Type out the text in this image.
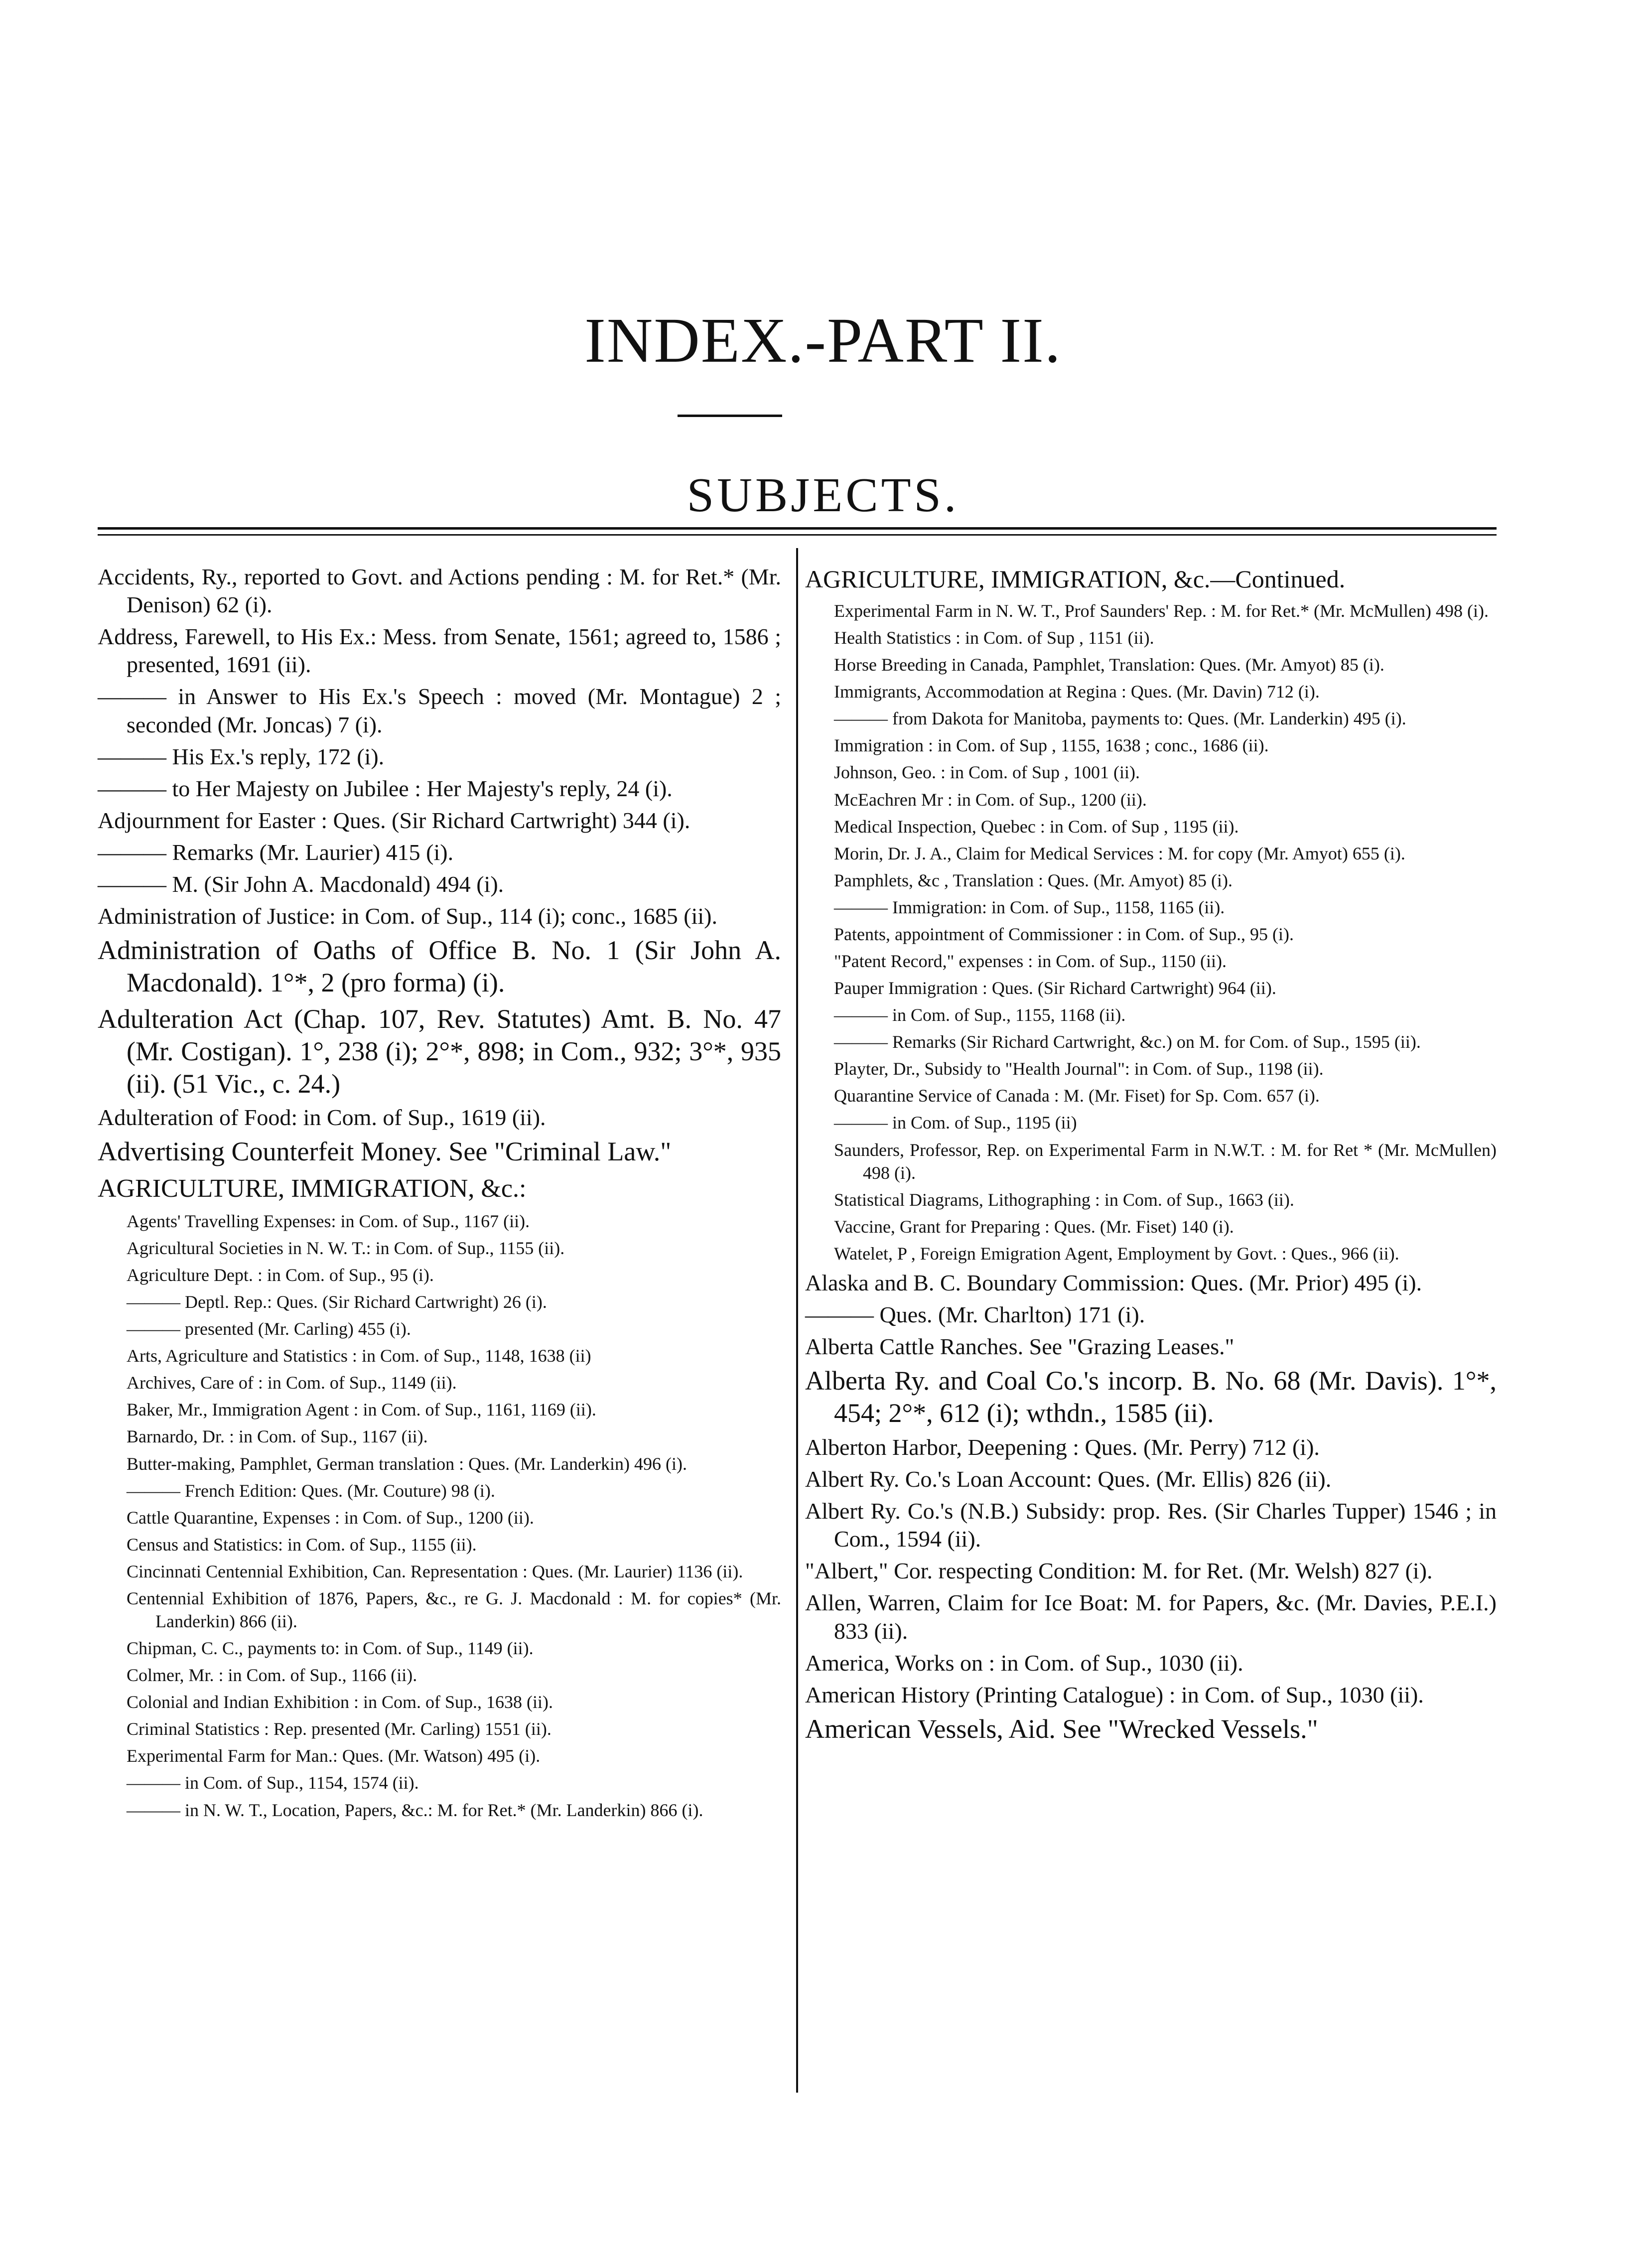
INDEX.-PART II.
SUBJECTS.
Accidents, Ry., reported to Govt. and Actions pending : M. for Ret.* (Mr. Denison) 62 (i).
Address, Farewell, to His Ex.: Mess. from Senate, 1561; agreed to, 1586 ; presented, 1691 (ii).
——— in Answer to His Ex.'s Speech : moved (Mr. Montague) 2 ; seconded (Mr. Joncas) 7 (i).
——— His Ex.'s reply, 172 (i).
——— to Her Majesty on Jubilee : Her Majesty's reply, 24 (i).
Adjournment for Easter : Ques. (Sir Richard Cartwright) 344 (i).
——— Remarks (Mr. Laurier) 415 (i).
——— M. (Sir John A. Macdonald) 494 (i).
Administration of Justice: in Com. of Sup., 114 (i); conc., 1685 (ii).
Administration of Oaths of Office B. No. 1 (Sir John A. Macdonald). 1°*, 2 (pro forma) (i).
Adulteration Act (Chap. 107, Rev. Statutes) Amt. B. No. 47 (Mr. Costigan). 1°, 238 (i); 2°*, 898; in Com., 932; 3°*, 935 (ii). (51 Vic., c. 24.)
Adulteration of Food: in Com. of Sup., 1619 (ii).
Advertising Counterfeit Money. See "Criminal Law."
AGRICULTURE, IMMIGRATION, &c.:
Agents' Travelling Expenses: in Com. of Sup., 1167 (ii).
Agricultural Societies in N. W. T.: in Com. of Sup., 1155 (ii).
Agriculture Dept. : in Com. of Sup., 95 (i).
——— Deptl. Rep.: Ques. (Sir Richard Cartwright) 26 (i).
——— presented (Mr. Carling) 455 (i).
Arts, Agriculture and Statistics : in Com. of Sup., 1148, 1638 (ii)
Archives, Care of : in Com. of Sup., 1149 (ii).
Baker, Mr., Immigration Agent : in Com. of Sup., 1161, 1169 (ii).
Barnardo, Dr. : in Com. of Sup., 1167 (ii).
Butter-making, Pamphlet, German translation : Ques. (Mr. Landerkin) 496 (i).
——— French Edition: Ques. (Mr. Couture) 98 (i).
Cattle Quarantine, Expenses : in Com. of Sup., 1200 (ii).
Census and Statistics: in Com. of Sup., 1155 (ii).
Cincinnati Centennial Exhibition, Can. Representation : Ques. (Mr. Laurier) 1136 (ii).
Centennial Exhibition of 1876, Papers, &c., re G. J. Macdonald : M. for copies* (Mr. Landerkin) 866 (ii).
Chipman, C. C., payments to: in Com. of Sup., 1149 (ii).
Colmer, Mr. : in Com. of Sup., 1166 (ii).
Colonial and Indian Exhibition : in Com. of Sup., 1638 (ii).
Criminal Statistics : Rep. presented (Mr. Carling) 1551 (ii).
Experimental Farm for Man.: Ques. (Mr. Watson) 495 (i).
——— in Com. of Sup., 1154, 1574 (ii).
——— in N. W. T., Location, Papers, &c.: M. for Ret.* (Mr. Landerkin) 866 (i).
AGRICULTURE, IMMIGRATION, &c.—Continued.
Experimental Farm in N. W. T., Prof Saunders' Rep. : M. for Ret.* (Mr. McMullen) 498 (i).
Health Statistics : in Com. of Sup , 1151 (ii).
Horse Breeding in Canada, Pamphlet, Translation: Ques. (Mr. Amyot) 85 (i).
Immigrants, Accommodation at Regina : Ques. (Mr. Davin) 712 (i).
——— from Dakota for Manitoba, payments to: Ques. (Mr. Landerkin) 495 (i).
Immigration : in Com. of Sup , 1155, 1638 ; conc., 1686 (ii).
Johnson, Geo. : in Com. of Sup , 1001 (ii).
McEachren Mr : in Com. of Sup., 1200 (ii).
Medical Inspection, Quebec : in Com. of Sup , 1195 (ii).
Morin, Dr. J. A., Claim for Medical Services : M. for copy (Mr. Amyot) 655 (i).
Pamphlets, &c , Translation : Ques. (Mr. Amyot) 85 (i).
——— Immigration: in Com. of Sup., 1158, 1165 (ii).
Patents, appointment of Commissioner : in Com. of Sup., 95 (i).
"Patent Record," expenses : in Com. of Sup., 1150 (ii).
Pauper Immigration : Ques. (Sir Richard Cartwright) 964 (ii).
——— in Com. of Sup., 1155, 1168 (ii).
——— Remarks (Sir Richard Cartwright, &c.) on M. for Com. of Sup., 1595 (ii).
Playter, Dr., Subsidy to "Health Journal": in Com. of Sup., 1198 (ii).
Quarantine Service of Canada : M. (Mr. Fiset) for Sp. Com. 657 (i).
——— in Com. of Sup., 1195 (ii)
Saunders, Professor, Rep. on Experimental Farm in N.W.T. : M. for Ret * (Mr. McMullen) 498 (i).
Statistical Diagrams, Lithographing : in Com. of Sup., 1663 (ii).
Vaccine, Grant for Preparing : Ques. (Mr. Fiset) 140 (i).
Watelet, P , Foreign Emigration Agent, Employment by Govt. : Ques., 966 (ii).
Alaska and B. C. Boundary Commission: Ques. (Mr. Prior) 495 (i).
——— Ques. (Mr. Charlton) 171 (i).
Alberta Cattle Ranches. See "Grazing Leases."
Alberta Ry. and Coal Co.'s incorp. B. No. 68 (Mr. Davis). 1°*, 454; 2°*, 612 (i); wthdn., 1585 (ii).
Alberton Harbor, Deepening : Ques. (Mr. Perry) 712 (i).
Albert Ry. Co.'s Loan Account: Ques. (Mr. Ellis) 826 (ii).
Albert Ry. Co.'s (N.B.) Subsidy: prop. Res. (Sir Charles Tupper) 1546 ; in Com., 1594 (ii).
"Albert," Cor. respecting Condition: M. for Ret. (Mr. Welsh) 827 (i).
Allen, Warren, Claim for Ice Boat: M. for Papers, &c. (Mr. Davies, P.E.I.) 833 (ii).
America, Works on : in Com. of Sup., 1030 (ii).
American History (Printing Catalogue) : in Com. of Sup., 1030 (ii).
American Vessels, Aid. See "Wrecked Vessels."
